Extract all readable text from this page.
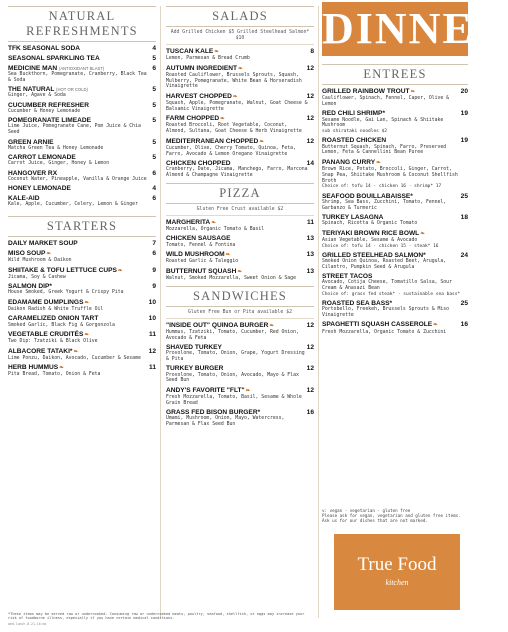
NATURAL REFRESHMENTS
TFK SEASONAL SODA	4
SEASONAL SPARKLING TEA	5
MEDICINE MAN (ANTIOXIDANT BLAST)	6
Sea Buckthorn, Pomegranate, Cranberry, Black Tea & Soda
THE NATURAL (HOT OR COLD)	5
Ginger, Agave & Soda
CUCUMBER REFRESHER	5
Cucumber & Honey Lemonade
POMEGRANATE LIMEADE	5
Lime Juice, Pomegranate Cane, Pom Juice & Chia Seed
GREEN ARNIE	5
Matcha Green Tea & Honey Lemonade
CARROT LEMONADE	5
Carrot Juice, Ginger, Honey & Lemon
HANGOVER RX	6
Coconut Water, Pineapple, Vanilla & Orange Juice
HONEY LEMONADE	4
KALE-AID	6
Kale, Apple, Cucumber, Celery, Lemon & Ginger
STARTERS
DAILY MARKET SOUP	7
MISO SOUP❧	6
Wild Mushroom & Daikon
SHIITAKE & TOFU LETTUCE CUPS❧	9
Jicama, Soy & Cashew
SALMON DIP*	9
House Smoked, Greek Yogurt & Crispy Pita
EDAMAME DUMPLINGS❧	10
Daikon Radish & White Truffle Oil
CARAMELIZED ONION TART	10
Smoked Garlic, Black Fig & Gorgonzola
VEGETABLE CRUDITÉS❧	11
Two Dip: Tzatziki & Black Olive
ALBACORE TATAKI*❧	12
Lime Ponzu, Daikon, Avocado, Cucumber & Sesame
HERB HUMMUS❧	11
Pita Bread, Tomato, Onion & Feta
SALADS
Add Grilled Chicken $5 Grilled Steelhead Salmon* $10
TUSCAN KALE❧	8
Lemon, Parmesan & Bread Crumb
AUTUMN INGREDIENT❧	12
Roasted Cauliflower, Brussels Sprouts, Squash, Mulberry, Pomegranate, White Bean & Horseradish Vinaigrette
HARVEST CHOPPED❧	12
Squash, Apple, Pomegranate, Walnut, Goat Cheese & Balsamic Vinaigrette
FARM CHOPPED❧	12
Roasted Broccoli, Root Vegetable, Coconut, Almond, Sultana, Goat Cheese & Herb Vinaigrette
MEDITERRANEAN CHOPPED❧	12
Cucumber, Olive, Cherry Tomato, Quinoa, Feta, Farro, Avocado & Lemon Oregano Vinaigrette
CHICKEN CHOPPED	14
Cranberry, Date, Jicama, Manchego, Farro, Marcona Almond & Champagne Vinaigrette
PIZZA
Gluten Free Crust available $2
MARGHERITA❧	11
Mozzarella, Organic Tomato & Basil
CHICKEN SAUSAGE	13
Tomato, Fennel & Fontina
WILD MUSHROOM❧	13
Roasted Garlic & Taleggio
BUTTERNUT SQUASH❧	13
Walnut, Smoked Mozzarella, Sweet Onion & Sage
SANDWICHES
Gluten Free Bun or Pita available $2
"INSIDE OUT" QUINOA BURGER❧	12
Hummus, Tzatziki, Tomato, Cucumber, Red Onion, Avocado & Feta
SHAVED TURKEY	12
Provolone, Tomato, Onion, Grape, Yogurt Dressing & Pita
TURKEY BURGER	12
Provolone, Tomato, Onion, Avocado, Mayo & Flax Seed Bun
ANDY'S FAVORITE "FLT"❧	12
Fresh Mozzarella, Tomato, Basil, Sesame & Whole Grain Bread
GRASS FED BISON BURGER*	16
Umami, Mushroom, Onion, Mayo, Watercress, Parmesan & Flax Seed Bun
DINNER
ENTREES
GRILLED RAINBOW TROUT❧	20
Cauliflower, Spinach, Fennel, Caper, Olive & Lemon
RED CHILI SHRIMP*	19
Sesame Noodle, Gai Lan, Spinach & Shiitake Mushroom
sub shirataki noodles $2
ROASTED CHICKEN	19
Butternut Squash, Spinach, Farro, Preserved Lemon, Feta & Cannellini Bean Puree
PANANG CURRY❧
Brown Rice, Potato, Broccoli, Ginger, Carrot, Snap Pea, Shiitake Mushroom & Coconut Shellfish Broth
Choice of: tofu 14 · chicken 16 · shrimp* 17
SEAFOOD BOUILLABAISSE*	25
Shrimp, Sea Bass, Zucchini, Tomato, Fennel, Garbanzo & Turmeric
TURKEY LASAGNA	18
Spinach, Ricotta & Organic Tomato
TERIYAKI BROWN RICE BOWL❧
Asian Vegetable, Sesame & Avocado
Choice of: tofu 14 · chicken 15 · steak* 16
GRILLED STEELHEAD SALMON*	24
Smoked Onion Quinoa, Roasted Beet, Arugula, Cilantro, Pumpkin Seed & Arugula
STREET TACOS
Avocado, Cotija Cheese, Tomatillo Salsa, Sour Cream & Anasazi Bean
Choice of: grass fed steak* · sustainable sea bass*
ROASTED SEA BASS*	25
Portobello, Freekeh, Brussels Sprouts & Miso Vinaigrette
SPAGHETTI SQUASH CASSEROLE❧	16
Fresh Mozzarella, Organic Tomato & Zucchini
v: vegan · vegetarian · gluten free
Please ask for vegan, vegetarian and gluten free items. Ask us for our dishes that are not marked.
True Food
kitchen
*These items may be served raw or undercooked. Consuming raw or undercooked meats, poultry, seafood, shellfish, or eggs may increase your risk of foodborne illness, especially if you have certain medical conditions.
wed.lunch.8.21.16.ms
